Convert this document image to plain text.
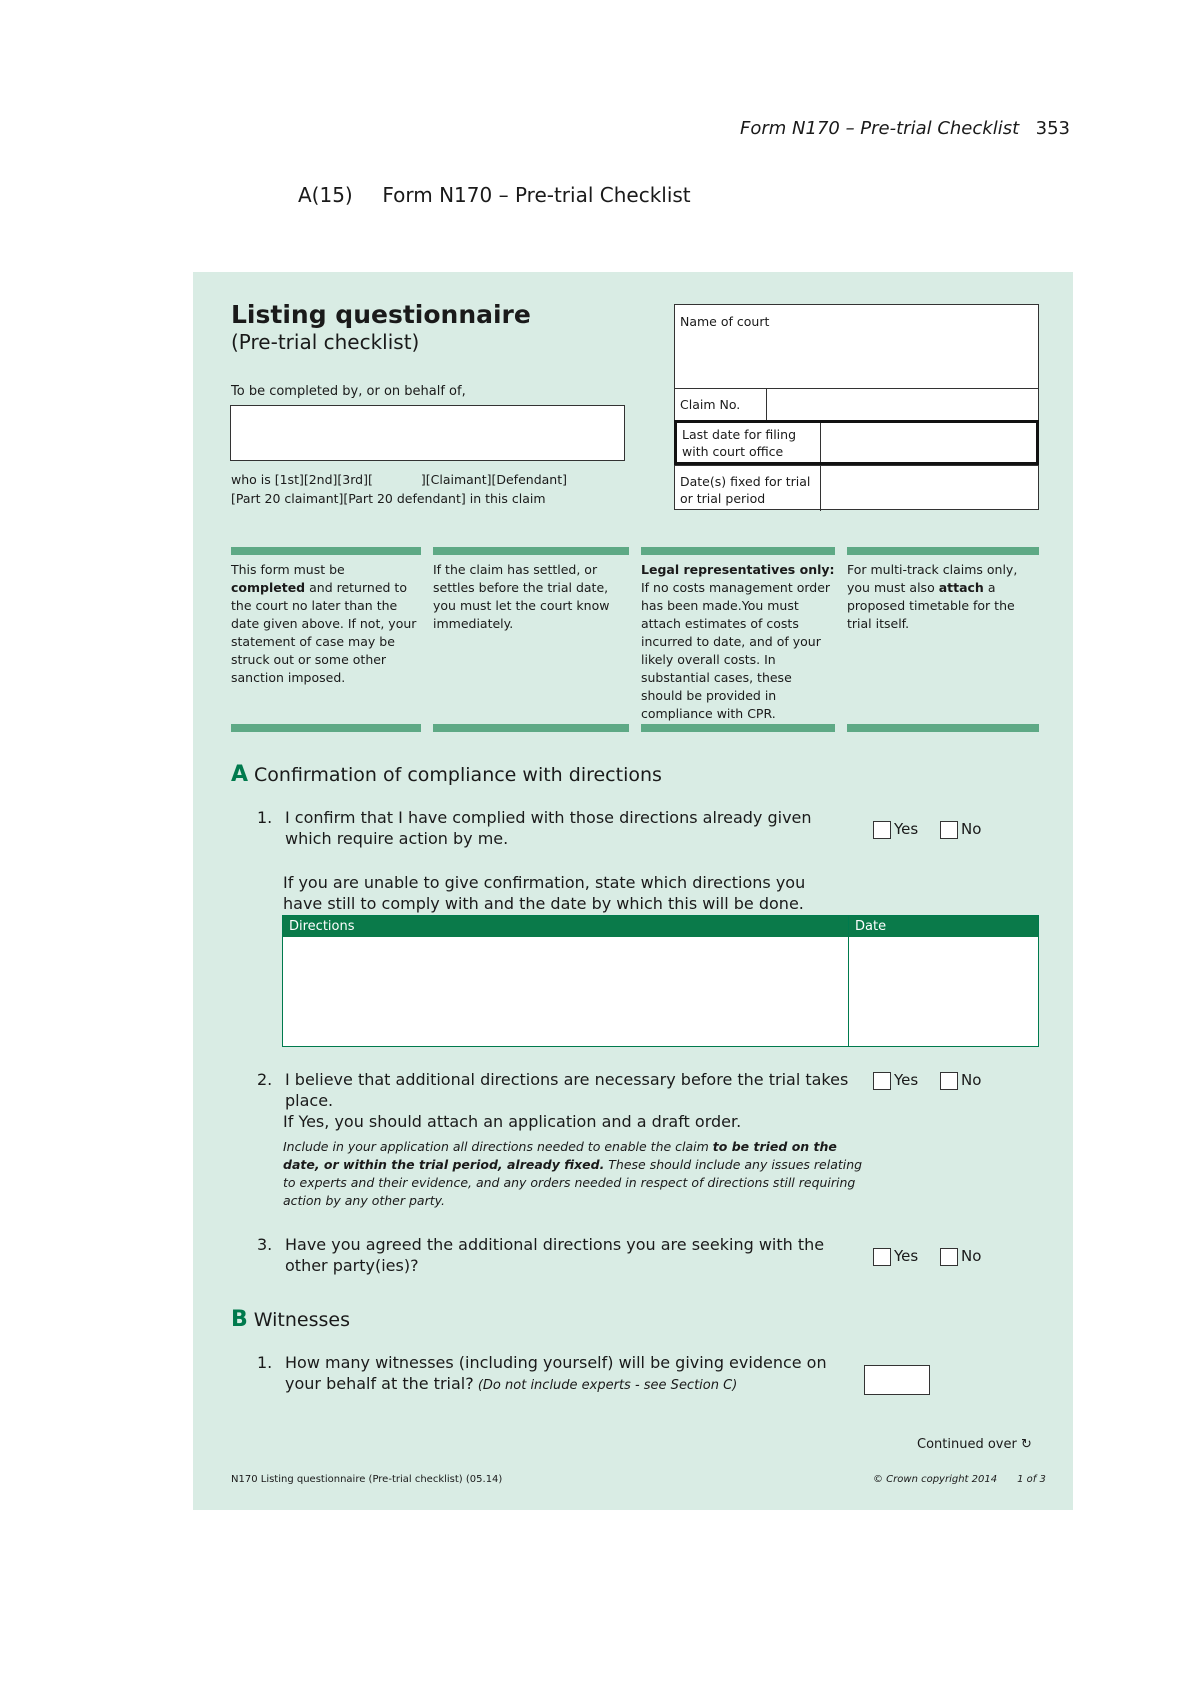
Form N170 – Pre-trial Checklist 353
A(15) Form N170 – Pre-trial Checklist
Listing questionnaire
(Pre-trial checklist)
To be completed by, or on behalf of,
who is [1st][2nd][3rd][	][Claimant][Defendant]
[Part 20 claimant][Part 20 defendant] in this claim
Name of court
Claim No.
Last date for filing with court office
Date(s) fixed for trial or trial period
This form must be completed and returned to the court no later than the date given above. If not, your statement of case may be struck out or some other sanction imposed.
If the claim has settled, or settles before the trial date, you must let the court know immediately.
Legal representatives only: If no costs management order has been made.You must attach estimates of costs incurred to date, and of your likely overall costs. In substantial cases, these should be provided in compliance with CPR.
For multi-track claims only, you must also attach a proposed timetable for the trial itself.
A Confirmation of compliance with directions
1. I confirm that I have complied with those directions already given which require action by me.	Yes	No
If you are unable to give confirmation, state which directions you have still to comply with and the date by which this will be done.
Directions	Date
2. I believe that additional directions are necessary before the trial takes place.
Yes	No
If Yes, you should attach an application and a draft order.
Include in your application all directions needed to enable the claim to be tried on the date, or within the trial period, already fixed. These should include any issues relating to experts and their evidence, and any orders needed in respect of directions still requiring action by any other party.
3. Have you agreed the additional directions you are seeking with the other party(ies)?	Yes	No
B Witnesses
1. How many witnesses (including yourself) will be giving evidence on your behalf at the trial? (Do not include experts - see Section C)
Continued over ↻
N170 Listing questionnaire (Pre-trial checklist) (05.14)	© Crown copyright 2014 1 of 3
